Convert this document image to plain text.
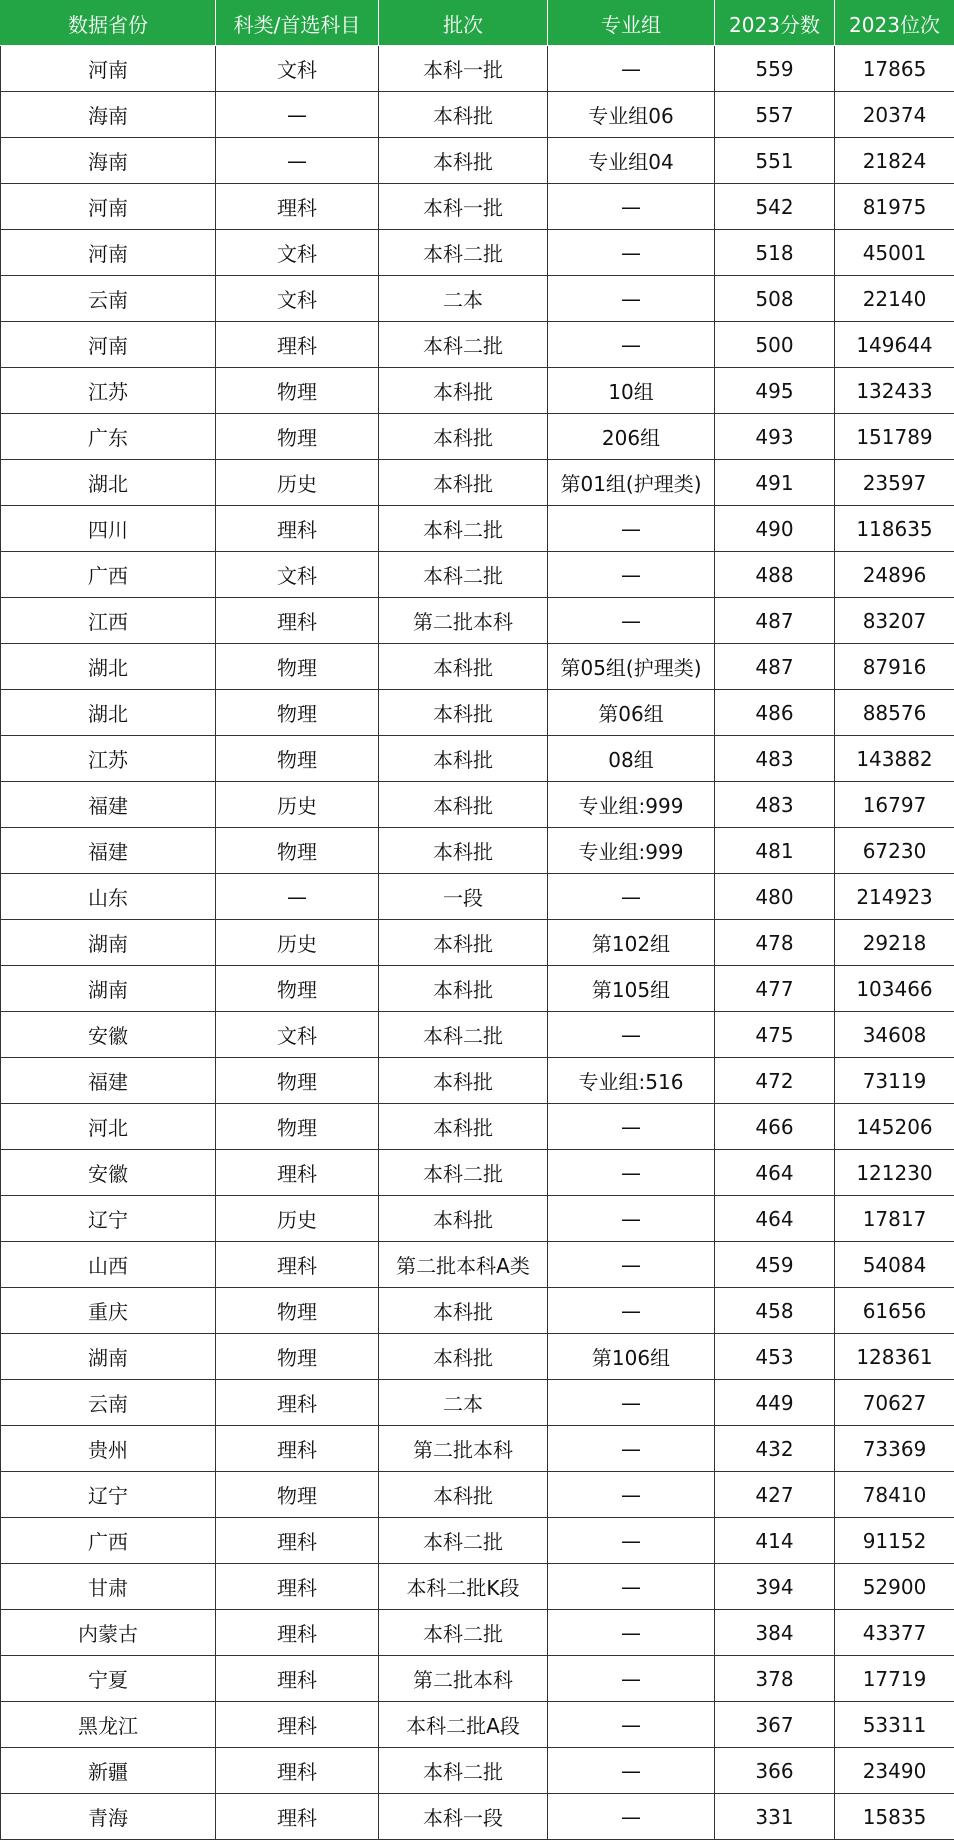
数据省份	科类/首选科目	批次	专业组	2023分数	2023位次
河南	文科	本科一批	—	559	17865
海南	—	本科批	专业组06	557	20374
海南	—	本科批	专业组04	551	21824
河南	理科	本科一批	—	542	81975
河南	文科	本科二批	—	518	45001
云南	文科	二本	—	508	22140
河南	理科	本科二批	—	500	149644
江苏	物理	本科批	10组	495	132433
广东	物理	本科批	206组	493	151789
湖北	历史	本科批	第01组(护理类)	491	23597
四川	理科	本科二批	—	490	118635
广西	文科	本科二批	—	488	24896
江西	理科	第二批本科	—	487	83207
湖北	物理	本科批	第05组(护理类)	487	87916
湖北	物理	本科批	第06组	486	88576
江苏	物理	本科批	08组	483	143882
福建	历史	本科批	专业组:999	483	16797
福建	物理	本科批	专业组:999	481	67230
山东	—	一段	—	480	214923
湖南	历史	本科批	第102组	478	29218
湖南	物理	本科批	第105组	477	103466
安徽	文科	本科二批	—	475	34608
福建	物理	本科批	专业组:516	472	73119
河北	物理	本科批	—	466	145206
安徽	理科	本科二批	—	464	121230
辽宁	历史	本科批	—	464	17817
山西	理科	第二批本科A类	—	459	54084
重庆	物理	本科批	—	458	61656
湖南	物理	本科批	第106组	453	128361
云南	理科	二本	—	449	70627
贵州	理科	第二批本科	—	432	73369
辽宁	物理	本科批	—	427	78410
广西	理科	本科二批	—	414	91152
甘肃	理科	本科二批K段	—	394	52900
内蒙古	理科	本科二批	—	384	43377
宁夏	理科	第二批本科	—	378	17719
黑龙江	理科	本科二批A段	—	367	53311
新疆	理科	本科二批	—	366	23490
青海	理科	本科一段	—	331	15835
